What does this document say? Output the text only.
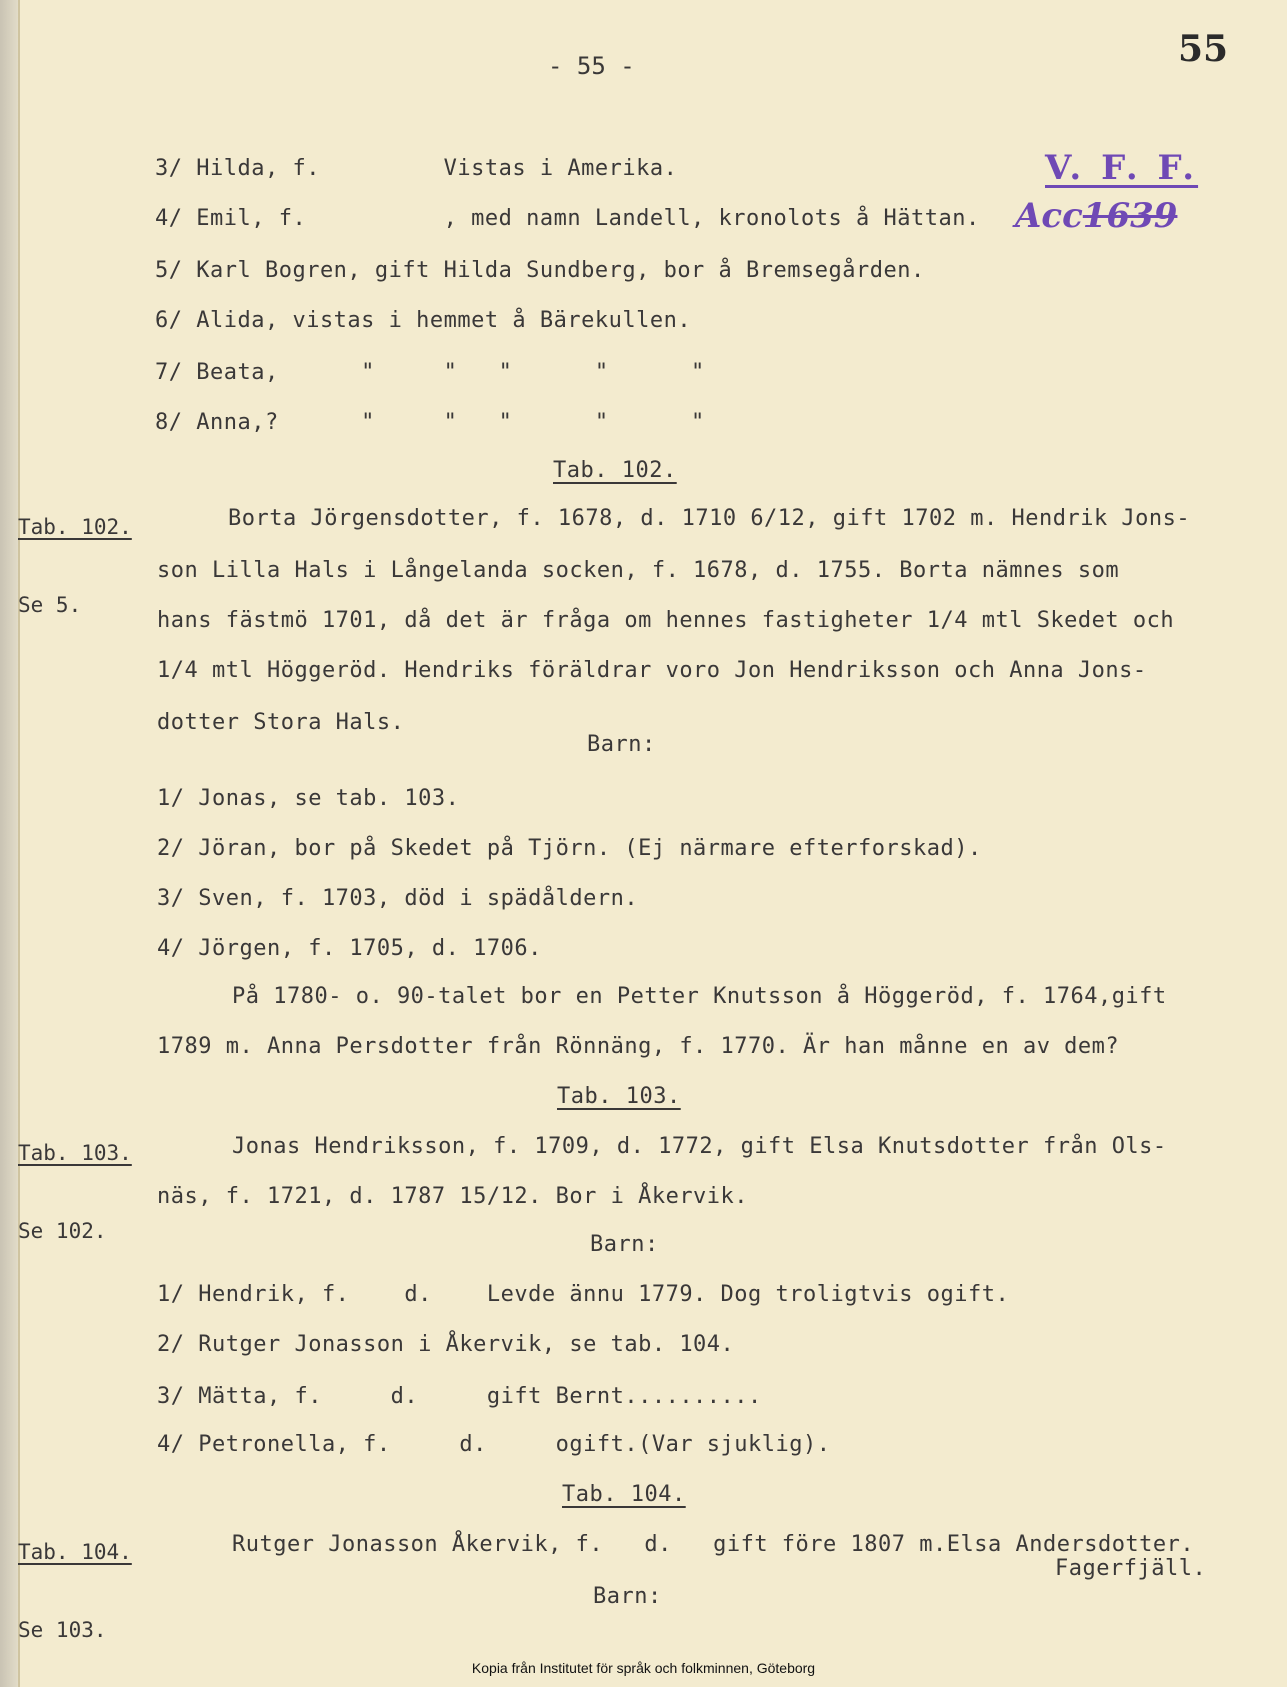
- 55 -	55
V. F. F.
Acc1639

Tab. 102.

Se 5.

Tab. 103.

Se 102.

Tab. 104.

Se 103.

3/ Hilda, f.         Vistas i Amerika.
4/ Emil, f.          , med namn Landell, kronolots å Hättan.
5/ Karl Bogren, gift Hilda Sundberg, bor å Bremsegården.
6/ Alida, vistas i hemmet å Bärekullen.
7/ Beata,      "     "   "      "      "
8/ Anna,?      "     "   "      "      "
Tab. 102.
Borta Jörgensdotter, f. 1678, d. 1710 6/12, gift 1702 m. Hendrik Jons-
son Lilla Hals i Långelanda socken, f. 1678, d. 1755. Borta nämnes som
hans fästmö 1701, då det är fråga om hennes fastigheter 1/4 mtl Skedet och
1/4 mtl Höggeröd. Hendriks föräldrar voro Jon Hendriksson och Anna Jons-
dotter Stora Hals.
Barn:
1/ Jonas, se tab. 103.
2/ Jöran, bor på Skedet på Tjörn. (Ej närmare efterforskad).
3/ Sven, f. 1703, död i spädåldern.
4/ Jörgen, f. 1705, d. 1706.
På 1780- o. 90-talet bor en Petter Knutsson å Höggeröd, f. 1764,gift
1789 m. Anna Persdotter från Rönnäng, f. 1770. Är han månne en av dem?
Tab. 103.
Jonas Hendriksson, f. 1709, d. 1772, gift Elsa Knutsdotter från Ols-
näs, f. 1721, d. 1787 15/12. Bor i Åkervik.
Barn:
1/ Hendrik, f.    d.    Levde ännu 1779. Dog troligtvis ogift.
2/ Rutger Jonasson i Åkervik, se tab. 104.
3/ Mätta, f.     d.     gift Bernt..........
4/ Petronella, f.     d.     ogift.(Var sjuklig).
Tab. 104.
Rutger Jonasson Åkervik, f.   d.   gift före 1807 m.Elsa Andersdotter.
Fagerfjäll.
Barn:
Kopia från Institutet för språk och folkminnen, Göteborg
